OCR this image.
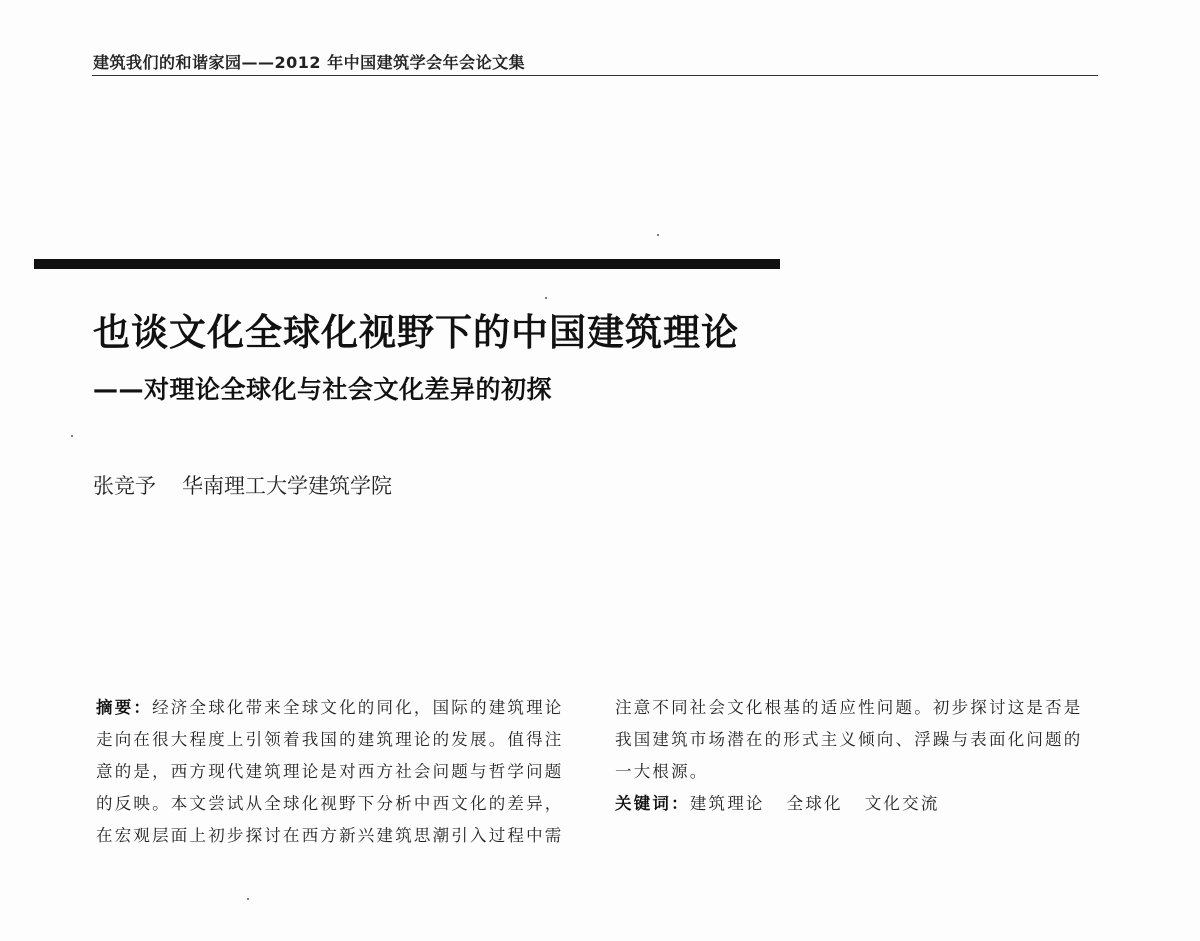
建筑我们的和谐家园——2012 年中国建筑学会年会论文集
也谈文化全球化视野下的中国建筑理论
——对理论全球化与社会文化差异的初探
张竞予 华南理工大学建筑学院
摘要：经济全球化带来全球文化的同化，国际的建筑理论
走向在很大程度上引领着我国的建筑理论的发展。值得注
意的是，西方现代建筑理论是对西方社会问题与哲学问题
的反映。本文尝试从全球化视野下分析中西文化的差异，
在宏观层面上初步探讨在西方新兴建筑思潮引入过程中需
注意不同社会文化根基的适应性问题。初步探讨这是否是
我国建筑市场潜在的形式主义倾向、浮躁与表面化问题的
一大根源。
关键词：建筑理论 全球化 文化交流
